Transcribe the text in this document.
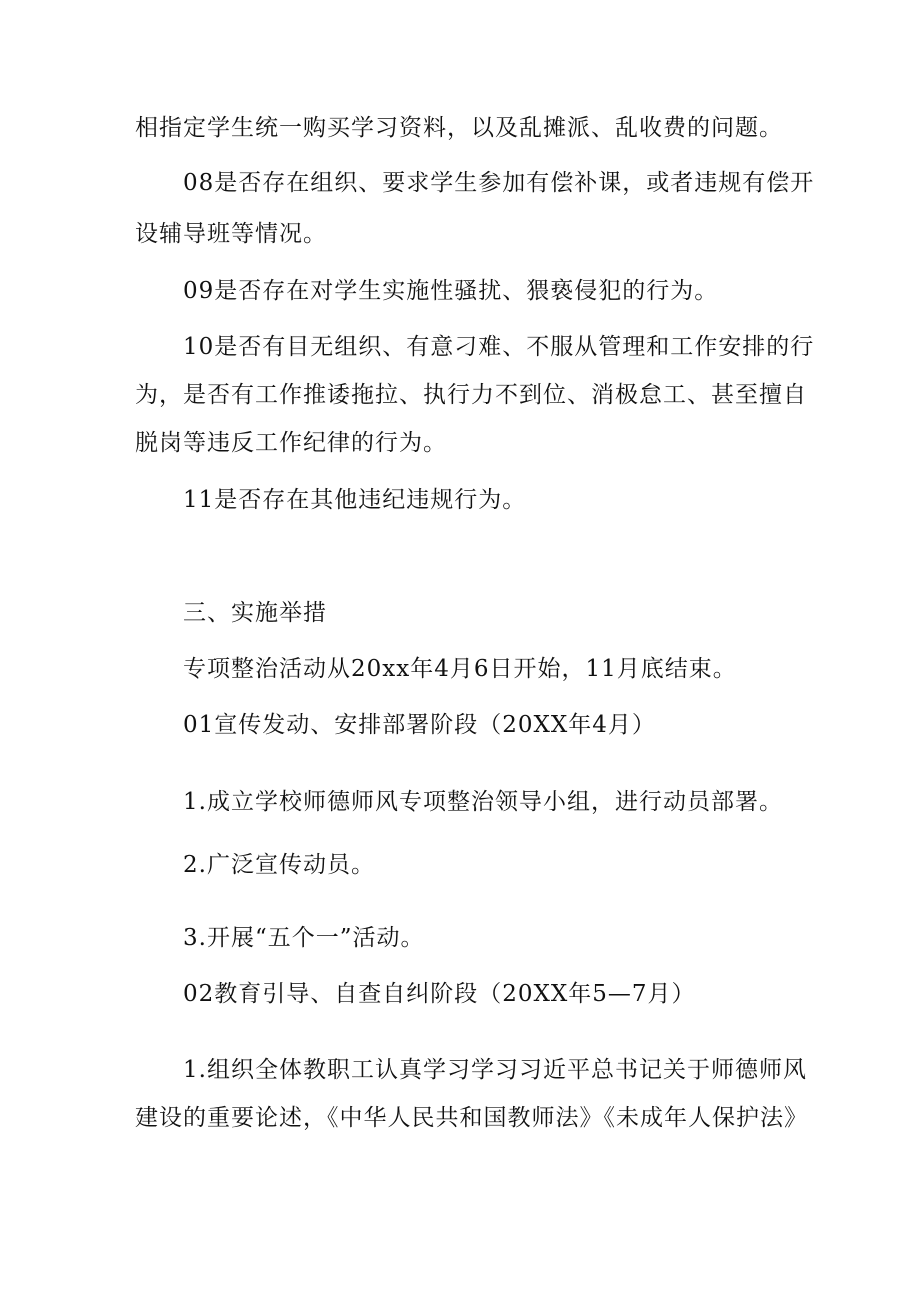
相指定学生统一购买学习资料，以及乱摊派、乱收费的问题。
08是否存在组织、要求学生参加有偿补课，或者违规有偿开
设辅导班等情况。
09是否存在对学生实施性骚扰、猥亵侵犯的行为。
10是否有目无组织、有意刁难、不服从管理和工作安排的行
为，是否有工作推诿拖拉、执行力不到位、消极怠工、甚至擅自
脱岗等违反工作纪律的行为。
11是否存在其他违纪违规行为。
三、实施举措
专项整治活动从20xx年4月6日开始，11月底结束。
01宣传发动、安排部署阶段（20XX年4月）
1.成立学校师德师风专项整治领导小组，进行动员部署。
2.广泛宣传动员。
3.开展“五个一”活动。
02教育引导、自查自纠阶段（20XX年5—7月）
1.组织全体教职工认真学习学习习近平总书记关于师德师风
建设的重要论述，《中华人民共和国教师法》《未成年人保护法》
